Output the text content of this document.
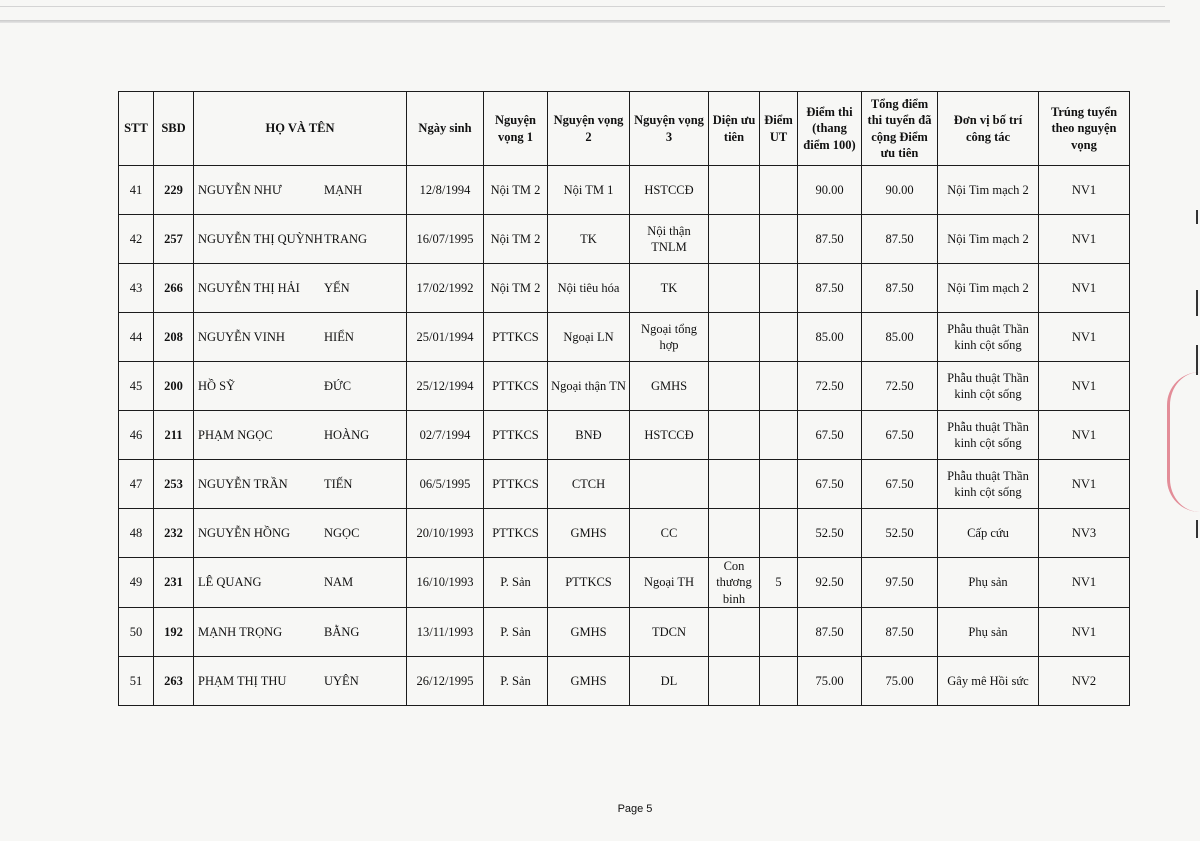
STT	SBD	HỌ VÀ TÊN	Ngày sinh	Nguyện vọng 1	Nguyện vọng 2	Nguyện vọng 3	Diện ưu tiên	Điểm UT	Điểm thi (thang điểm 100)	Tổng điểm thi tuyển đã cộng Điểm ưu tiên	Đơn vị bố trí công tác	Trúng tuyển theo nguyện vọng
41	229	NGUYỄN NHƯ MẠNH	12/8/1994	Nội TM 2	Nội TM 1	HSTCCĐ			90.00	90.00	Nội Tim mạch 2	NV1
42	257	NGUYỄN THỊ QUỲNH TRANG	16/07/1995	Nội TM 2	TK	Nội thận TNLM			87.50	87.50	Nội Tim mạch 2	NV1
43	266	NGUYỄN THỊ HẢI YẾN	17/02/1992	Nội TM 2	Nội tiêu hóa	TK			87.50	87.50	Nội Tim mạch 2	NV1
44	208	NGUYỄN VINH HIỂN	25/01/1994	PTTKCS	Ngoại LN	Ngoại tổng hợp			85.00	85.00	Phẫu thuật Thần kinh cột sống	NV1
45	200	HỒ SỸ ĐỨC	25/12/1994	PTTKCS	Ngoại thận TN	GMHS			72.50	72.50	Phẫu thuật Thần kinh cột sống	NV1
46	211	PHẠM NGỌC HOÀNG	02/7/1994	PTTKCS	BNĐ	HSTCCĐ			67.50	67.50	Phẫu thuật Thần kinh cột sống	NV1
47	253	NGUYỄN TRẦN TIẾN	06/5/1995	PTTKCS	CTCH				67.50	67.50	Phẫu thuật Thần kinh cột sống	NV1
48	232	NGUYỄN HỒNG NGỌC	20/10/1993	PTTKCS	GMHS	CC			52.50	52.50	Cấp cứu	NV3
49	231	LÊ QUANG NAM	16/10/1993	P. Sản	PTTKCS	Ngoại TH	Con thương binh	5	92.50	97.50	Phụ sản	NV1
50	192	MẠNH TRỌNG BẰNG	13/11/1993	P. Sản	GMHS	TDCN			87.50	87.50	Phụ sản	NV1
51	263	PHẠM THỊ THU UYÊN	26/12/1995	P. Sản	GMHS	DL			75.00	75.00	Gây mê Hồi sức	NV2
Page 5
